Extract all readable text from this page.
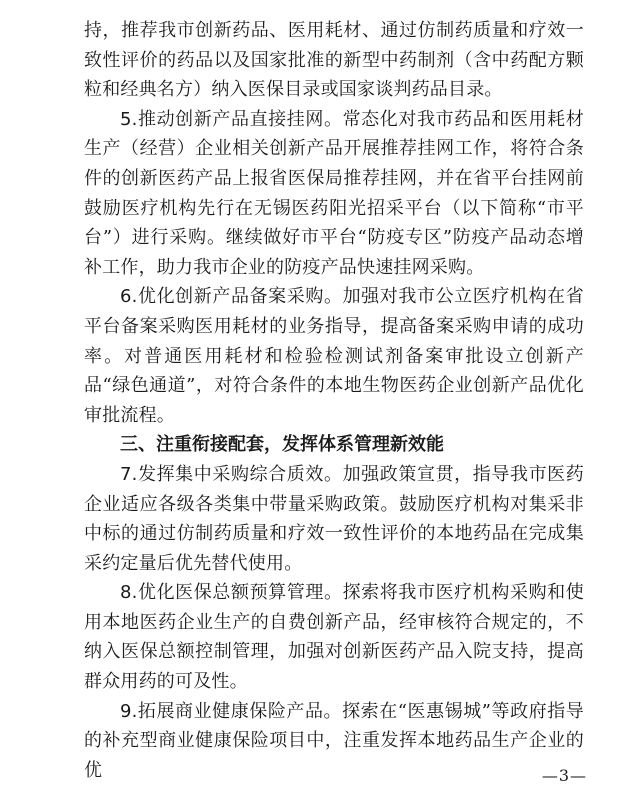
持，推荐我市创新药品、医用耗材、通过仿制药质量和疗效一致性评价的药品以及国家批准的新型中药制剂（含中药配方颗粒和经典名方）纳入医保目录或国家谈判药品目录。

5.推动创新产品直接挂网。常态化对我市药品和医用耗材生产（经营）企业相关创新产品开展推荐挂网工作，将符合条件的创新医药产品上报省医保局推荐挂网，并在省平台挂网前鼓励医疗机构先行在无锡医药阳光招采平台（以下简称“市平台”）进行采购。继续做好市平台“防疫专区”防疫产品动态增补工作，助力我市企业的防疫产品快速挂网采购。

6.优化创新产品备案采购。加强对我市公立医疗机构在省平台备案采购医用耗材的业务指导，提高备案采购申请的成功率。对普通医用耗材和检验检测试剂备案审批设立创新产品“绿色通道”，对符合条件的本地生物医药企业创新产品优化审批流程。

三、注重衔接配套，发挥体系管理新效能

7.发挥集中采购综合质效。加强政策宣贯，指导我市医药企业适应各级各类集中带量采购政策。鼓励医疗机构对集采非中标的通过仿制药质量和疗效一致性评价的本地药品在完成集采约定量后优先替代使用。

8.优化医保总额预算管理。探索将我市医疗机构采购和使用本地医药企业生产的自费创新产品，经审核符合规定的，不纳入医保总额控制管理，加强对创新医药产品入院支持，提高群众用药的可及性。

9.拓展商业健康保险产品。探索在“医惠锡城”等政府指导的补充型商业健康保险项目中，注重发挥本地药品生产企业的优	—3—
